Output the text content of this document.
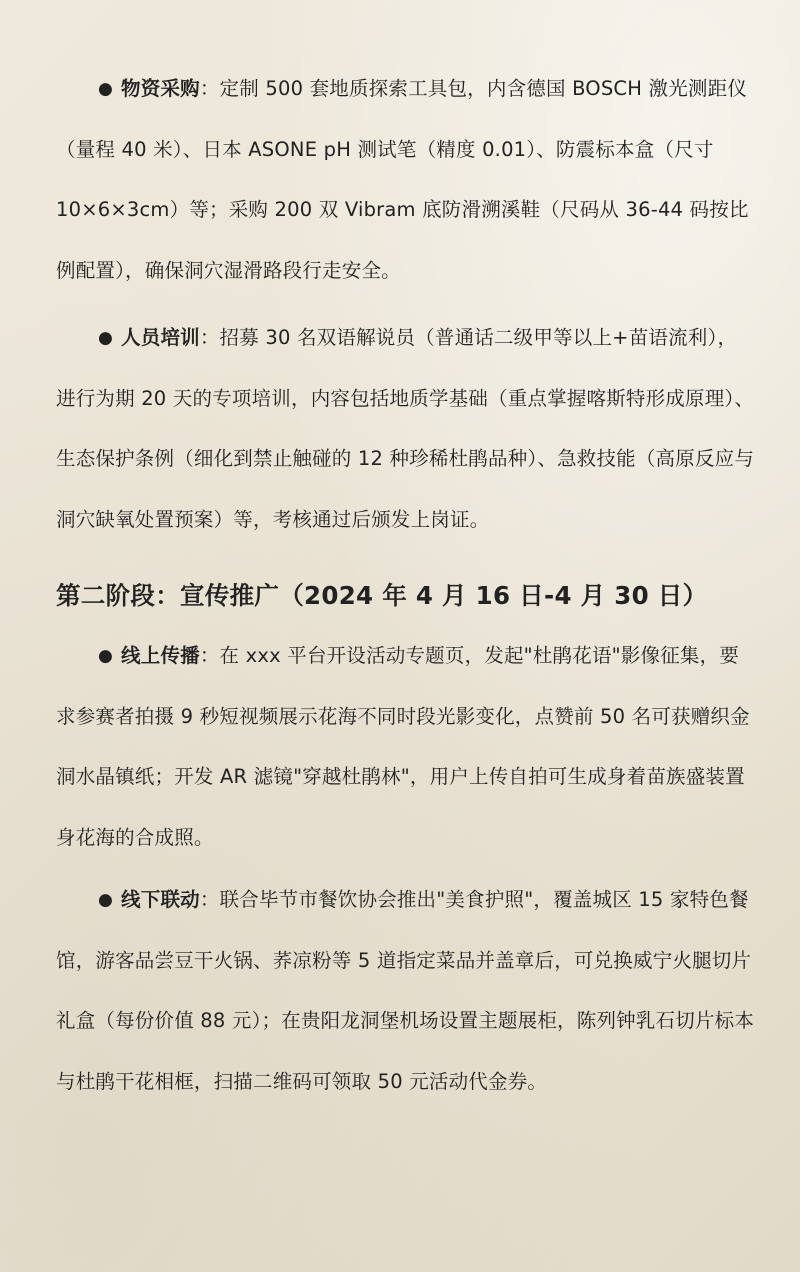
● 物资采购：定制 500 套地质探索工具包，内含德国 BOSCH 激光测距仪（量程 40 米）、日本 ASONE pH 测试笔（精度 0.01）、防震标本盒（尺寸 10×6×3cm）等；采购 200 双 Vibram 底防滑溯溪鞋（尺码从 36-44 码按比例配置），确保洞穴湿滑路段行走安全。
● 人员培训：招募 30 名双语解说员（普通话二级甲等以上+苗语流利），进行为期 20 天的专项培训，内容包括地质学基础（重点掌握喀斯特形成原理）、生态保护条例（细化到禁止触碰的 12 种珍稀杜鹃品种）、急救技能（高原反应与洞穴缺氧处置预案）等，考核通过后颁发上岗证。
第二阶段：宣传推广（2024 年 4 月 16 日-4 月 30 日）
● 线上传播：在 xxx 平台开设活动专题页，发起"杜鹃花语"影像征集，要求参赛者拍摄 9 秒短视频展示花海不同时段光影变化，点赞前 50 名可获赠织金洞水晶镇纸；开发 AR 滤镜"穿越杜鹃林"，用户上传自拍可生成身着苗族盛装置身花海的合成照。
● 线下联动：联合毕节市餐饮协会推出"美食护照"，覆盖城区 15 家特色餐馆，游客品尝豆干火锅、荞凉粉等 5 道指定菜品并盖章后，可兑换威宁火腿切片礼盒（每份价值 88 元）；在贵阳龙洞堡机场设置主题展柜，陈列钟乳石切片标本与杜鹃干花相框，扫描二维码可领取 50 元活动代金券。
